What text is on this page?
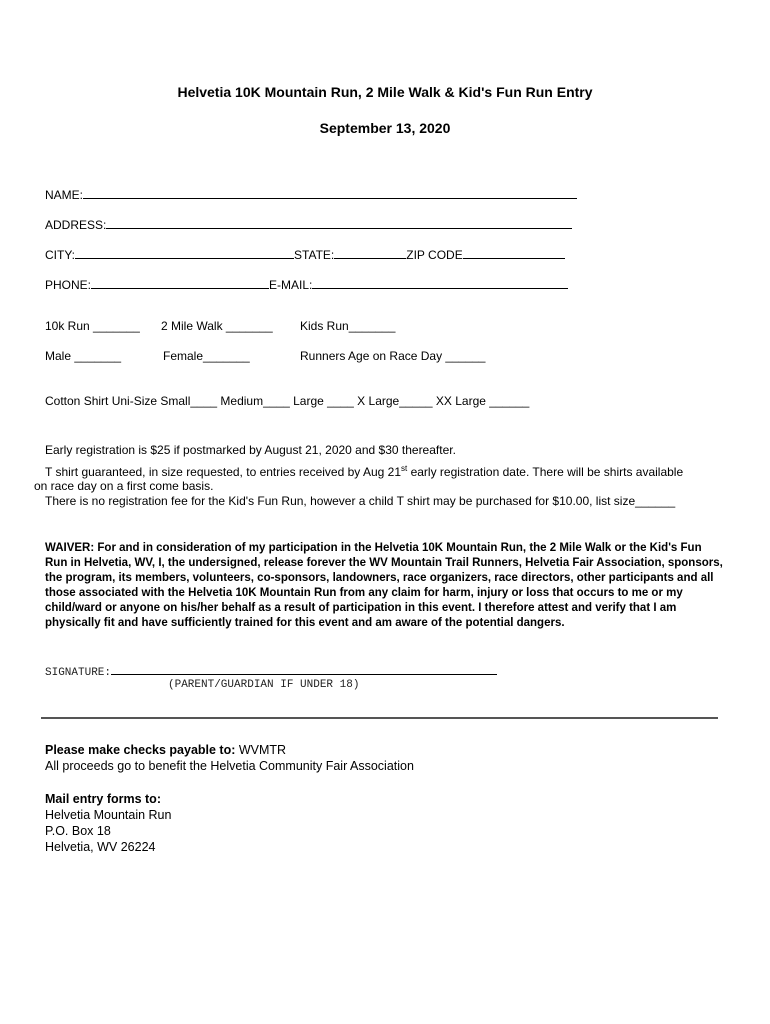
Helvetia 10K Mountain Run, 2 Mile Walk & Kid's Fun Run Entry
September 13, 2020
NAME:
ADDRESS:
CITY:	STATE:	ZIP CODE
PHONE:	E-MAIL:
10k Run _______ 2 Mile Walk _______ Kids Run_______
Male _______	Female_______	Runners Age on Race Day ______
Cotton Shirt Uni-Size Small____ Medium____ Large ____ X Large_____ XX Large ______
Early registration is $25 if postmarked by August 21, 2020 and $30 thereafter.
T shirt guaranteed, in size requested, to entries received by Aug 21st early registration date. There will be shirts available
on race day on a first come basis.
There is no registration fee for the Kid's Fun Run, however a child T shirt may be purchased for $10.00, list size______
WAIVER: For and in consideration of my participation in the Helvetia 10K Mountain Run, the 2 Mile Walk or the Kid's Fun Run in Helvetia, WV, I, the undersigned, release forever the WV Mountain Trail Runners, Helvetia Fair Association, sponsors, the program, its members, volunteers, co-sponsors, landowners, race organizers, race directors, other participants and all those associated with the Helvetia 10K Mountain Run from any claim for harm, injury or loss that occurs to me or my child/ward or anyone on his/her behalf as a result of participation in this event. I therefore attest and verify that I am physically fit and have sufficiently trained for this event and am aware of the potential dangers.
SIGNATURE:
(PARENT/GUARDIAN IF UNDER 18)
Please make checks payable to: WVMTR
All proceeds go to benefit the Helvetia Community Fair Association
Mail entry forms to:
Helvetia Mountain Run
P.O. Box 18
Helvetia, WV 26224
